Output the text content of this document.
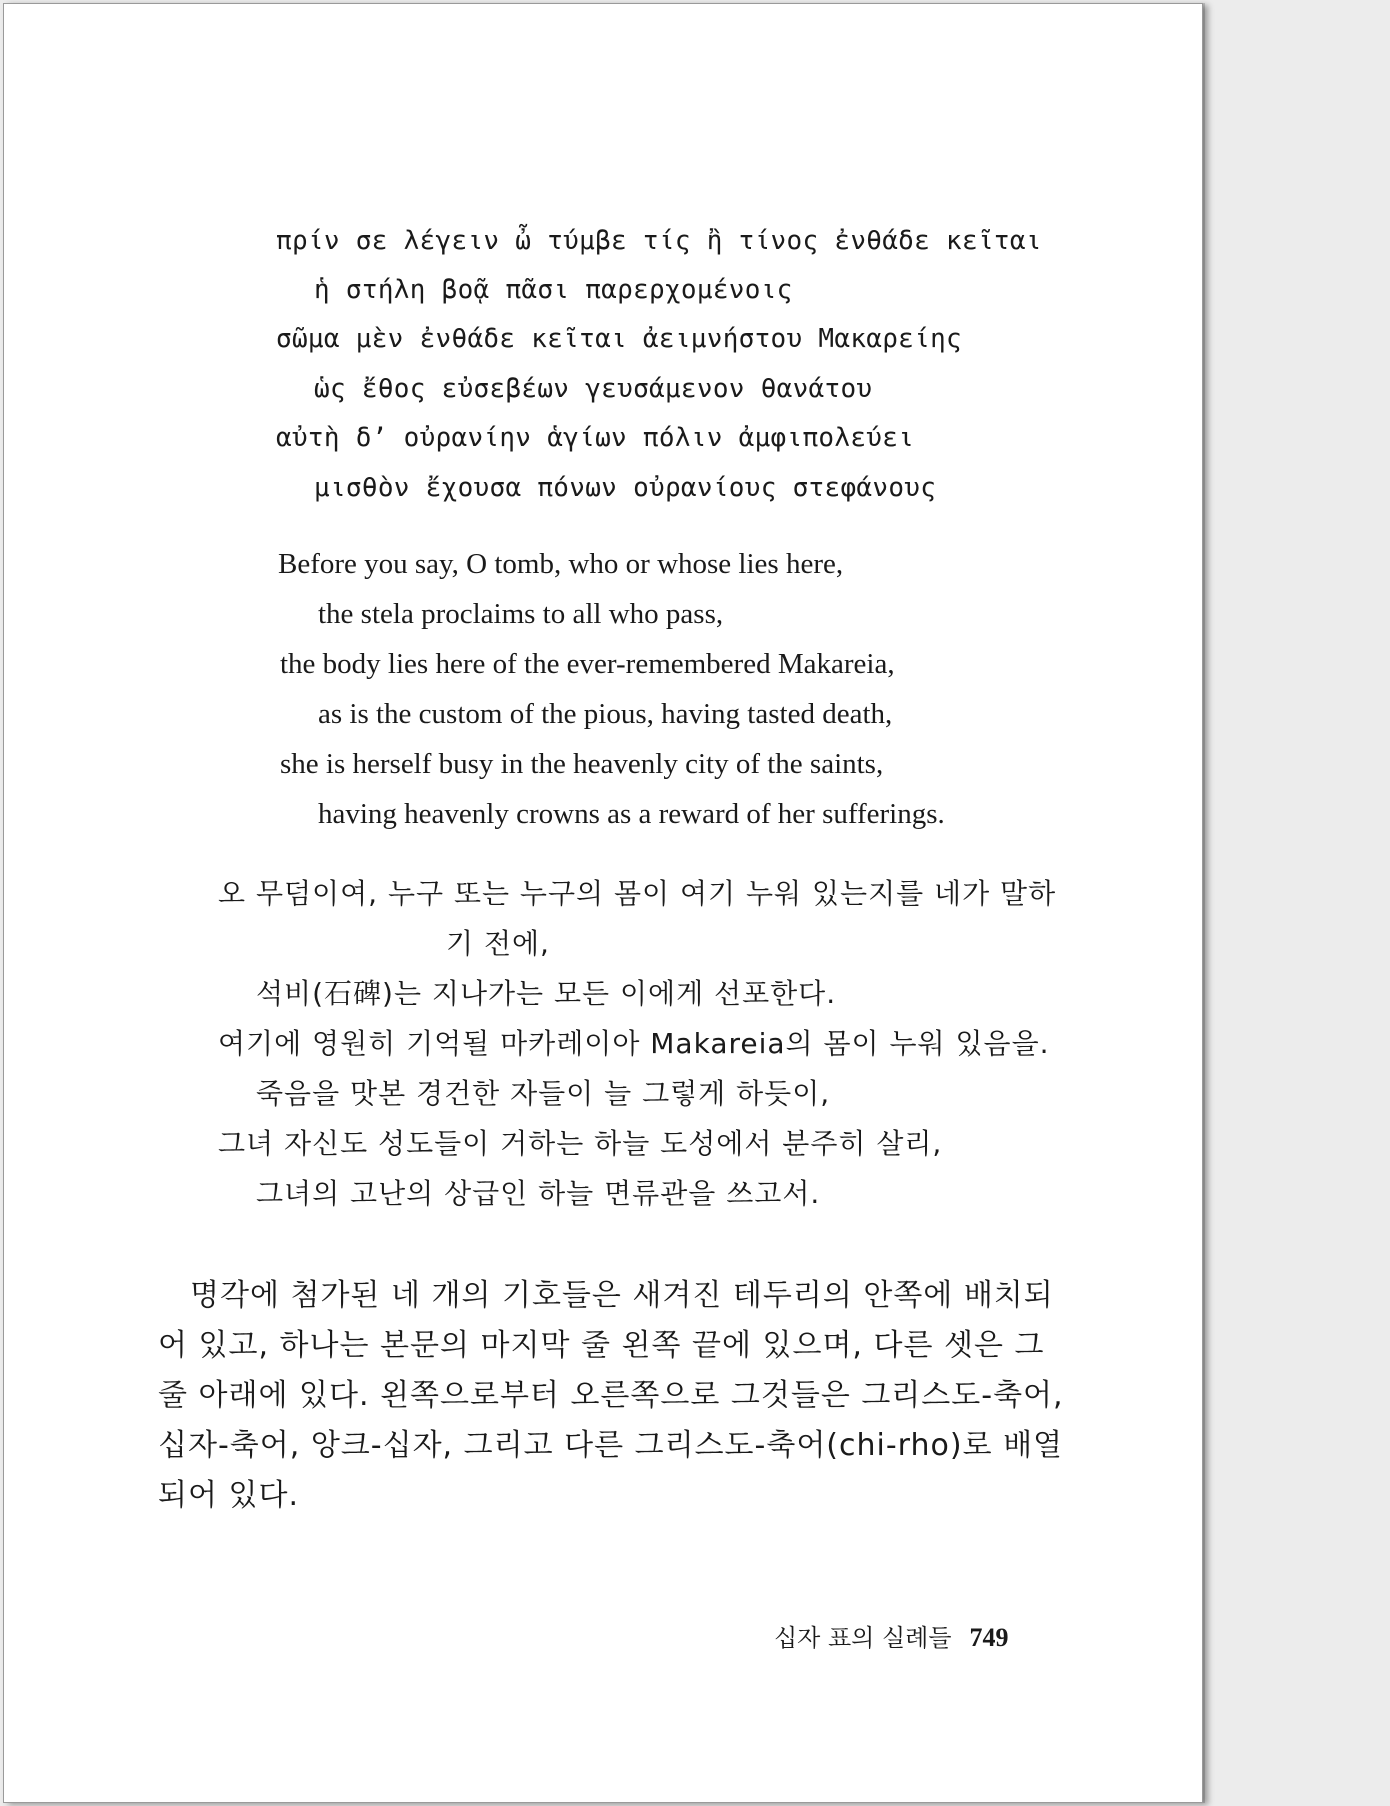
πρίν σε λέγειν ὦ τύμβε τίς ἢ τίνος ἐνθάδε κεῖται
ἡ στήλη βοᾷ πᾶσι παρερχομένοις
σῶμα μὲν ἐνθάδε κεῖται ἀειμνήστου Μακαρείης
ὡς ἔθος εὐσεβέων γευσάμενον θανάτου
αὐτὴ δ’ οὐρανίην ἁγίων πόλιν ἀμφιπολεύει
μισθὸν ἔχουσα πόνων οὐρανίους στεφάνους
Before you say, O tomb, who or whose lies here,
the stela proclaims to all who pass,
the body lies here of the ever-remembered Makareia,
as is the custom of the pious, having tasted death,
she is herself busy in the heavenly city of the saints,
having heavenly crowns as a reward of her sufferings.
오 무덤이여, 누구 또는 누구의 몸이 여기 누워 있는지를 네가 말하
기 전에,
석비(石碑)는 지나가는 모든 이에게 선포한다.
여기에 영원히 기억될 마카레이아 Makareia의 몸이 누워 있음을.
죽음을 맛본 경건한 자들이 늘 그렇게 하듯이,
그녀 자신도 성도들이 거하는 하늘 도성에서 분주히 살리,
그녀의 고난의 상급인 하늘 면류관을 쓰고서.
명각에 첨가된 네 개의 기호들은 새겨진 테두리의 안쪽에 배치되
어 있고, 하나는 본문의 마지막 줄 왼쪽 끝에 있으며, 다른 셋은 그
줄 아래에 있다. 왼쪽으로부터 오른쪽으로 그것들은 그리스도-축어,
십자-축어, 앙크-십자, 그리고 다른 그리스도-축어(chi-rho)로 배열
되어 있다.
십자 표의 실례들 749
